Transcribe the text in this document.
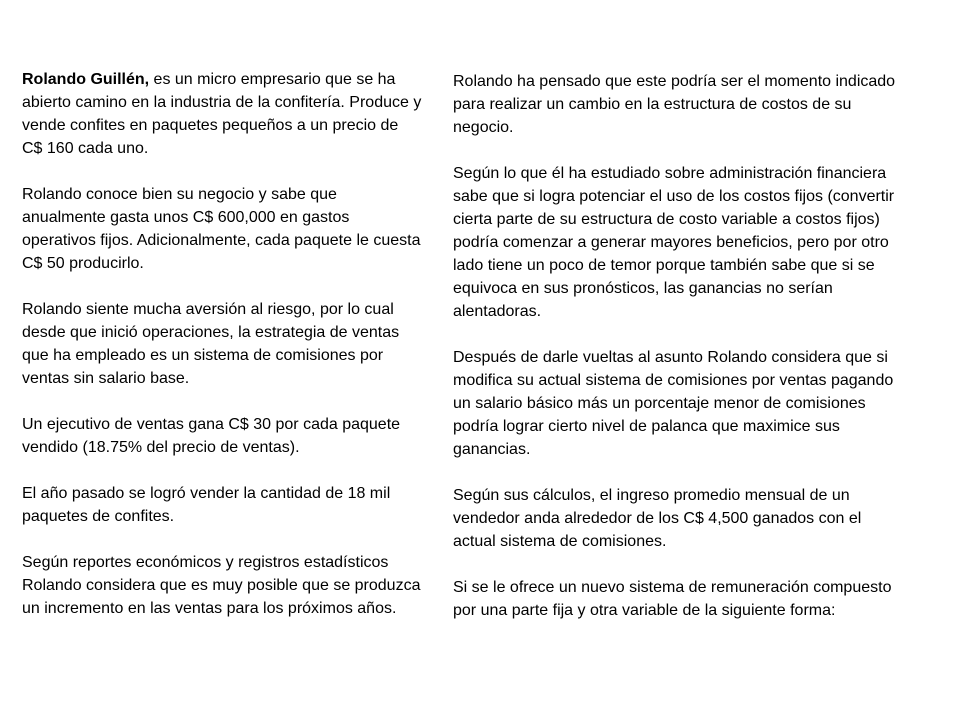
Rolando Guillén, es un micro empresario que se ha abierto camino en la industria de la confitería. Produce y vende confites en paquetes pequeños a un precio de C$ 160 cada uno.

Rolando conoce bien su negocio y sabe que anualmente gasta unos C$ 600,000 en gastos operativos fijos. Adicionalmente, cada paquete le cuesta C$ 50 producirlo.

Rolando siente mucha aversión al riesgo, por lo cual desde que inició operaciones, la estrategia de ventas que ha empleado es un sistema de comisiones por ventas sin salario base.

Un ejecutivo de ventas gana C$ 30 por cada paquete vendido (18.75% del precio de ventas).

El año pasado se logró vender la cantidad de 18 mil paquetes de confites.

Según reportes económicos y registros estadísticos Rolando considera que es muy posible que se produzca un incremento en las ventas para los próximos años.

Rolando ha pensado que este podría ser el momento indicado para realizar un cambio en la estructura de costos de su negocio.

Según lo que él ha estudiado sobre administración financiera sabe que si logra potenciar el uso de los costos fijos (convertir cierta parte de su estructura de costo variable a costos fijos) podría comenzar a generar mayores beneficios, pero por otro lado tiene un poco de temor porque también sabe que si se equivoca en sus pronósticos, las ganancias no serían alentadoras.

Después de darle vueltas al asunto Rolando considera que si modifica su actual sistema de comisiones por ventas pagando un salario básico más un porcentaje menor de comisiones podría lograr cierto nivel de palanca que maximice sus ganancias.

Según sus cálculos, el ingreso promedio mensual de un vendedor anda alrededor de los C$ 4,500 ganados con el actual sistema de comisiones.

Si se le ofrece un nuevo sistema de remuneración compuesto por una parte fija y otra variable de la siguiente forma:
